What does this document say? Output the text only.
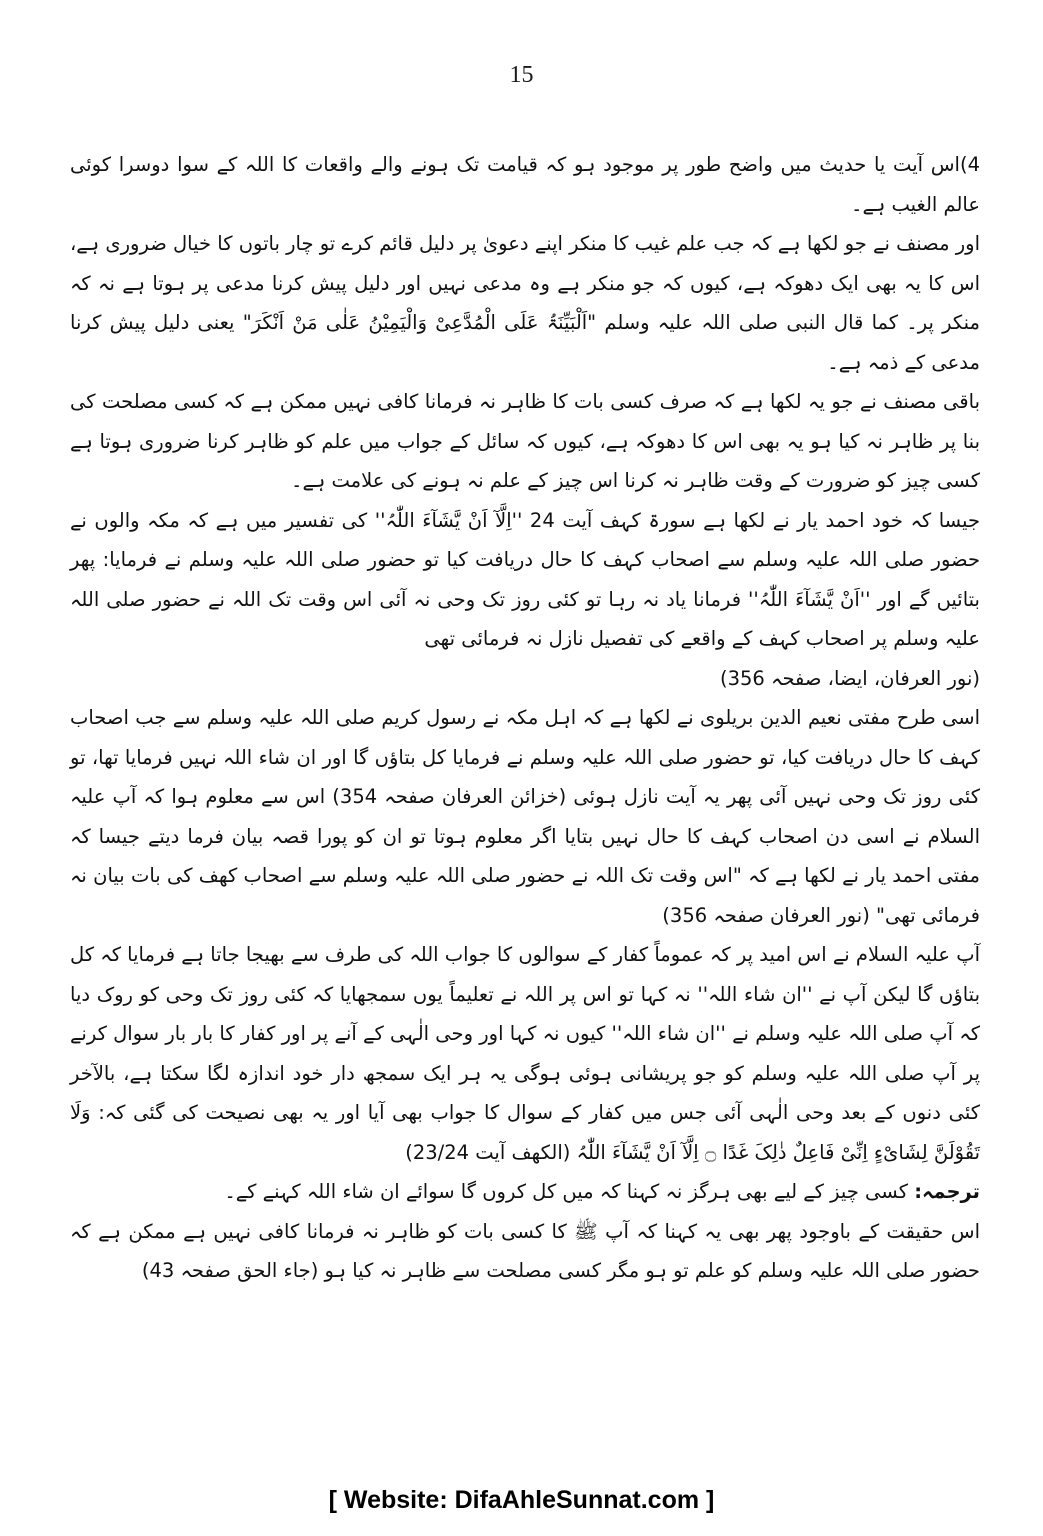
15

4)اس آیت یا حدیث میں واضح طور پر موجود ہو کہ قیامت تک ہونے والے واقعات کا اللہ کے سوا دوسرا کوئی عالم الغیب ہے۔

اور مصنف نے جو لکھا ہے کہ جب علم غیب کا منکر اپنے دعویٰ پر دلیل قائم کرے تو چار باتوں کا خیال ضروری ہے، اس کا یہ بھی ایک دھوکہ ہے، کیوں کہ جو منکر ہے وہ مدعی نہیں اور دلیل پیش کرنا مدعی پر ہوتا ہے نہ کہ منکر پر۔ کما قال النبی صلی اللہ علیہ وسلم "اَلْبَیِّنَۃُ عَلَی الْمُدَّعِیْ وَالْیَمِیْنُ عَلٰی مَنْ اَنْکَرَ" یعنی دلیل پیش کرنا مدعی کے ذمہ ہے۔

باقی مصنف نے جو یہ لکھا ہے کہ صرف کسی بات کا ظاہر نہ فرمانا کافی نہیں ممکن ہے کہ کسی مصلحت کی بنا پر ظاہر نہ کیا ہو یہ بھی اس کا دھوکہ ہے، کیوں کہ سائل کے جواب میں علم کو ظاہر کرنا ضروری ہوتا ہے کسی چیز کو ضرورت کے وقت ظاہر نہ کرنا اس چیز کے علم نہ ہونے کی علامت ہے۔

جیسا کہ خود احمد یار نے لکھا ہے سورۃ کہف آیت 24 ''اِلَّآ اَنْ یَّشَآءَ اللّٰہُ'' کی تفسیر میں ہے کہ مکہ والوں نے حضور صلی اللہ علیہ وسلم سے اصحاب کہف کا حال دریافت کیا تو حضور صلی اللہ علیہ وسلم نے فرمایا: پھر بتائیں گے اور ''اَنْ یَّشَآءَ اللّٰہُ'' فرمانا یاد نہ رہا تو کئی روز تک وحی نہ آئی اس وقت تک اللہ نے حضور صلی اللہ علیہ وسلم پر اصحاب کہف کے واقعے کی تفصیل نازل نہ فرمائی تھی

(نور العرفان، ایضا، صفحہ 356)

اسی طرح مفتی نعیم الدین بریلوی نے لکھا ہے کہ اہل مکہ نے رسول کریم صلی اللہ علیہ وسلم سے جب اصحاب کہف کا حال دریافت کیا، تو حضور صلی اللہ علیہ وسلم نے فرمایا کل بتاؤں گا اور ان شاء اللہ نہیں فرمایا تھا، تو کئی روز تک وحی نہیں آئی پھر یہ آیت نازل ہوئی (خزائن العرفان صفحہ 354) اس سے معلوم ہوا کہ آپ علیہ السلام نے اسی دن اصحاب کہف کا حال نہیں بتایا اگر معلوم ہوتا تو ان کو پورا قصہ بیان فرما دیتے جیسا کہ مفتی احمد یار نے لکھا ہے کہ "اس وقت تک اللہ نے حضور صلی اللہ علیہ وسلم سے اصحاب کھف کی بات بیان نہ فرمائی تھی" (نور العرفان صفحہ 356)

آپ علیہ السلام نے اس امید پر کہ عموماً کفار کے سوالوں کا جواب اللہ کی طرف سے بھیجا جاتا ہے فرمایا کہ کل بتاؤں گا لیکن آپ نے ''ان شاء اللہ'' نہ کہا تو اس پر اللہ نے تعلیماً یوں سمجھایا کہ کئی روز تک وحی کو روک دیا کہ آپ صلی اللہ علیہ وسلم نے ''ان شاء اللہ'' کیوں نہ کہا اور وحی الٰہی کے آنے پر اور کفار کا بار بار سوال کرنے پر آپ صلی اللہ علیہ وسلم کو جو پریشانی ہوئی ہوگی یہ ہر ایک سمجھ دار خود اندازہ لگا سکتا ہے، بالآخر کئی دنوں کے بعد وحی الٰہی آئی جس میں کفار کے سوال کا جواب بھی آیا اور یہ بھی نصیحت کی گئی کہ: وَلَا تَقُوْلَنَّ لِشَایْءٍ اِنِّیْ فَاعِلٌ ذٰلِکَ غَدًا ۝ اِلَّآ اَنْ یَّشَآءَ اللّٰہُ (الکھف آیت 23/24)

ترجمہ: کسی چیز کے لیے بھی ہرگز نہ کہنا کہ میں کل کروں گا سوائے ان شاء اللہ کہنے کے۔

اس حقیقت کے باوجود پھر بھی یہ کہنا کہ آپ ﷺ کا کسی بات کو ظاہر نہ فرمانا کافی نہیں ہے ممکن ہے کہ حضور صلی اللہ علیہ وسلم کو علم تو ہو مگر کسی مصلحت سے ظاہر نہ کیا ہو (جاء الحق صفحہ 43)

[ Website: DifaAhleSunnat.com ]
